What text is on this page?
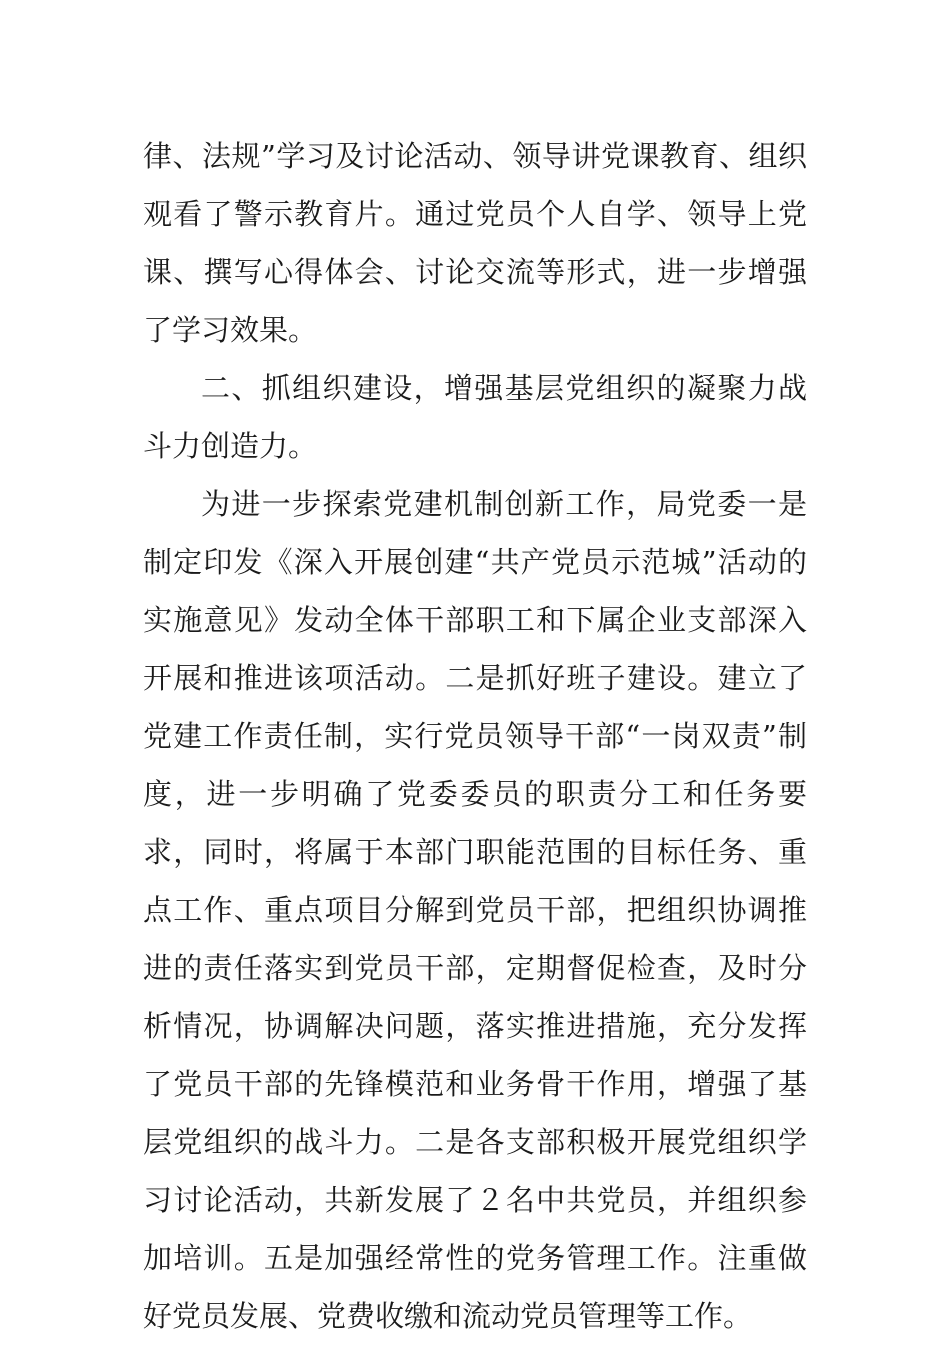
律、法规”学习及讨论活动、领导讲党课教育、组织观看了警示教育片。通过党员个人自学、领导上党课、撰写心得体会、讨论交流等形式，进一步增强了学习效果。

二、抓组织建设，增强基层党组织的凝聚力战斗力创造力。

为进一步探索党建机制创新工作，局党委一是制定印发《深入开展创建“共产党员示范城”活动的实施意见》发动全体干部职工和下属企业支部深入开展和推进该项活动。二是抓好班子建设。建立了党建工作责任制，实行党员领导干部“一岗双责”制度，进一步明确了党委委员的职责分工和任务要求，同时，将属于本部门职能范围的目标任务、重点工作、重点项目分解到党员干部，把组织协调推进的责任落实到党员干部，定期督促检查，及时分析情况，协调解决问题，落实推进措施，充分发挥了党员干部的先锋模范和业务骨干作用，增强了基层党组织的战斗力。二是各支部积极开展党组织学习讨论活动，共新发展了２名中共党员，并组织参加培训。五是加强经常性的党务管理工作。注重做好党员发展、党费收缴和流动党员管理等工作。
